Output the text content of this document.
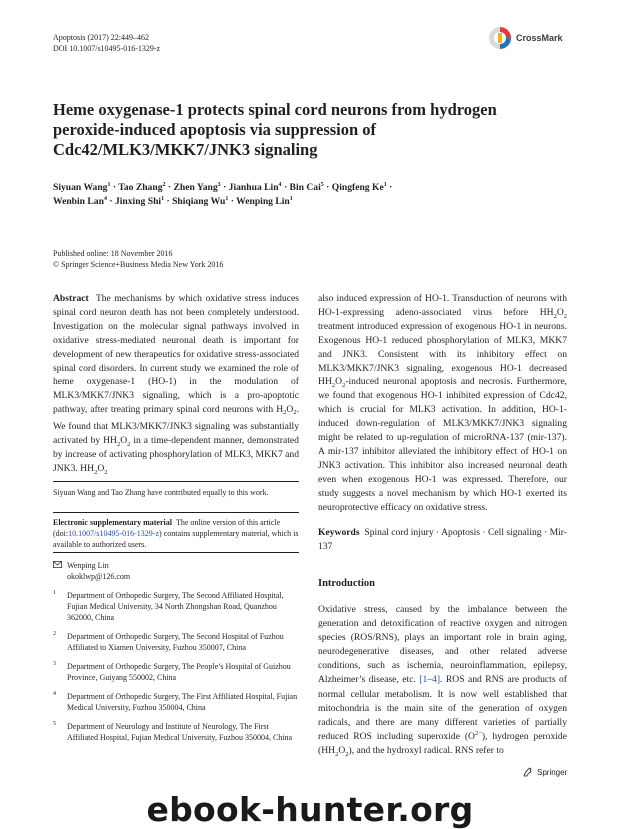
Apoptosis (2017) 22:449–462
DOI 10.1007/s10495-016-1329-z
CrossMark
Heme oxygenase-1 protects spinal cord neurons from hydrogen peroxide-induced apoptosis via suppression of Cdc42/MLK3/MKK7/JNK3 signaling
Siyuan Wang$^1$ · Tao Zhang$^2$ · Zhen Yang$^3$ · Jianhua Lin$^4$ · Bin Cai$^5$ · Qingfeng $Ke^1$ ·
Wenbin Lan$^4$ · Jinxing Shi$^1$ · Shiqiang $Wu^1$ · Wenping Lin$^1$
Published online: 18 November 2016
© Springer Science+Business Media New York 2016

Abstract The mechanisms by which oxidative stress induces spinal cord neuron death has not been completely understood. Investigation on the molecular signal pathways involved in oxidative stress-mediated neuronal death is important for development of new therapeutics for oxidative stress-associated spinal cord disorders. In current study we examined the role of heme oxygenase-1 (HO-1) in the modulation of MLK3/MKK7/JNK3 signaling, which is a pro-apoptotic pathway, after treating primary spinal cord neurons with $H_2O_2$. We found that MLK3/MKK7/JNK3 signaling was substantially activated by $HH_2O_2$ in a time-dependent manner, demonstrated by increase of activating phosphorylation of MLK3, MKK7 and JNK3. $HH_2O_2$

Siyuan Wang and Tao Zhang have contributed equally to this work.
Electronic supplementary material The online version of this article (doi:10.1007/s10495-016-1329-z) contains supplementary material, which is available to authorized users.
Wenping Lin
okoklwp@126.com
1 Department of Orthopedic Surgery, The Second Affiliated Hospital, Fujian Medical University, 34 North Zhongshan Road, Quanzhou 362000, China
2 Department of Orthopedic Surgery, The Second Hospital of Fuzhou Affiliated to Xiamen University, Fuzhou 350007, China
3 Department of Orthopedic Surgery, The People’s Hospital of Guizhou Province, Guiyang 550002, China
4 Department of Orthopedic Surgery, The First Affiliated Hospital, Fujian Medical University, Fuzhou 350004, China
5 Department of Neurology and Institute of Neurology, The First Affiliated Hospital, Fujian Medical University, Fuzhou 350004, China

also induced expression of HO-1. Transduction of neurons with HO-1-expressing adeno-associated virus before $HH_2O_2$ treatment introduced expression of exogenous HO-1 in neurons. Exogenous HO-1 reduced phosphorylation of MLK3, MKK7 and JNK3. Consistent with its inhibitory effect on MLK3/MKK7/JNK3 signaling, exogenous HO-1 decreased $HH_2O_2$-induced neuronal apoptosis and necrosis. Furthermore, we found that exogenous HO-1 inhibited expression of Cdc42, which is crucial for MLK3 activation. In addition, HO-1-induced down-regulation of MLK3/MKK7/JNK3 signaling might be related to up-regulation of microRNA-137 (mir-137). A mir-137 inhibitor alleviated the inhibitory effect of HO-1 on JNK3 activation. This inhibitor also increased neuronal death even when exogenous HO-1 was expressed. Therefore, our study suggests a novel mechanism by which HO-1 exerted its neuroprotective efficacy on oxidative stress.

Keywords Spinal cord injury · Apoptosis · Cell signaling · Mir-137
Introduction
Oxidative stress, caused by the imbalance between the generation and detoxification of reactive oxygen and nitrogen species (ROS/RNS), plays an important role in brain aging, neurodegenerative diseases, and other related adverse conditions, such as ischemia, neuroinflammation, epilepsy, Alzheimer’s disease, etc. [1–4]. ROS and RNS are products of normal cellular metabolism. It is now well established that mitochondria is the main site of the generation of oxygen radicals, and there are many different varieties of partially reduced ROS including superoxide $(O^{2-})$, hydrogen peroxide $(HH_2O_2)$, and the hydroxyl radical. RNS refer to
Springer
ebook-hunter.org
